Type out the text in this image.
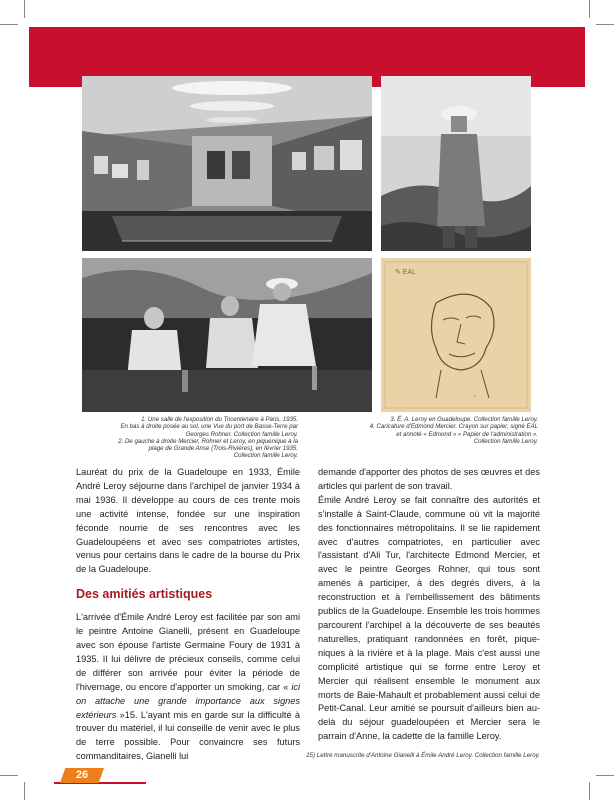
✎ EAL
~
1. Une salle de l'exposition du Tricentenaire à Paris, 1935.
En bas à droite posée au sol, une Vue du port de Basse-Terre par
Georges Rohner. Collection famille Leroy.
2. De gauche à droite Mercier, Rohner et Leroy, en piquenique à la
plage de Grande Anse (Trois-Rivières), en février 1935.
Collection famille Leroy.
3. É. A. Leroy en Guadeloupe. Collection famille Leroy.
4. Caricature d'Edmond Mercier. Crayon sur papier, signé EAL
et annoté « Edmond » « Papier de l'administration ».
Collection famille Leroy.

Lauréat du prix de la Guadeloupe en 1933, Émile André Leroy séjourne dans l'archipel de janvier 1934 à mai 1936. Il développe au cours de ces trente mois une activité intense, fondée sur une inspiration féconde nourrie de ses rencontres avec les Guadeloupéens et avec ses compatriotes artistes, venus pour certains dans le cadre de la bourse du Prix de la Guadeloupe.

Des amitiés artistiques

L'arrivée d'Émile André Leroy est facilitée par son ami le peintre Antoine Gianelli, présent en Guadeloupe avec son épouse l'artiste Germaine Foury de 1931 à 1935. Il lui délivre de précieux conseils, comme celui de différer son arrivée pour éviter la période de l'hivernage, ou encore d'apporter un smoking, car « ici on attache une grande importance aux signes extérieurs »15. L'ayant mis en garde sur la difficulté à trouver du matériel, il lui conseille de venir avec le plus de terre possible. Pour convaincre ses futurs commanditaires, Gianelli lui

demande d'apporter des photos de ses œuvres et des articles qui parlent de son travail.

Émile André Leroy se fait connaître des autorités et s'installe à Saint-Claude, commune où vit la majorité des fonctionnaires métropolitains. Il se lie rapidement avec d'autres compatriotes, en particulier avec l'assistant d'Ali Tur, l'architecte Edmond Mercier, et avec le peintre Georges Rohner, qui tous sont amenés à participer, à des degrés divers, à la reconstruction et à l'embellissement des bâtiments publics de la Guadeloupe. Ensemble les trois hommes parcourent l'archipel à la découverte de ses beautés naturelles, pratiquant randonnées en forêt, pique-niques à la rivière et à la plage. Mais c'est aussi une complicité artistique qui se forme entre Leroy et Mercier qui réalisent ensemble le monument aux morts de Baie-Mahault et probablement aussi celui de Petit-Canal. Leur amitié se poursuit d'ailleurs bien au-delà du séjour guadeloupéen et Mercier sera le parrain d'Anne, la cadette de la famille Leroy.

15) Lettre manuscrite d'Antoine Gianelli à Émile André Leroy. Collection famille Leroy.
26
